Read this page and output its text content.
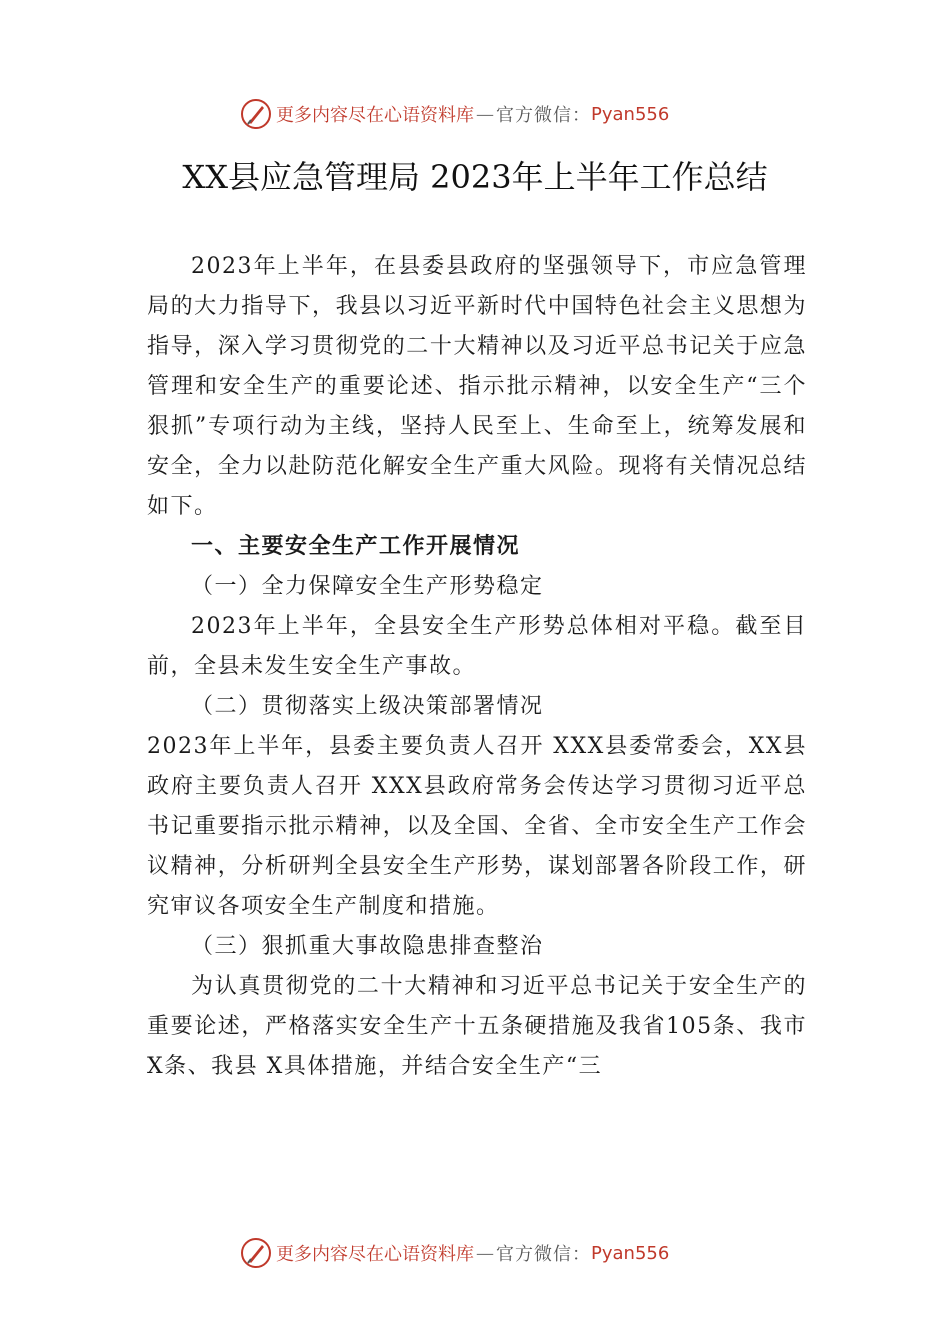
更多内容尽在心语资料库 — 官方微信： Pyan556
XX县应急管理局 2023年上半年工作总结

2023年上半年，在县委县政府的坚强领导下，市应急管理局的大力指导下，我县以习近平新时代中国特色社会主义思想为指导，深入学习贯彻党的二十大精神以及习近平总书记关于应急管理和安全生产的重要论述、指示批示精神，以安全生产“三个狠抓”专项行动为主线，坚持人民至上、生命至上，统筹发展和安全，全力以赴防范化解安全生产重大风险。现将有关情况总结如下。

一、主要安全生产工作开展情况

（一）全力保障安全生产形势稳定

2023年上半年，全县安全生产形势总体相对平稳。截至目前，全县未发生安全生产事故。

（二）贯彻落实上级决策部署情况

2023年上半年，县委主要负责人召开 XXX县委常委会，XX县政府主要负责人召开 XXX县政府常务会传达学习贯彻习近平总书记重要指示批示精神，以及全国、全省、全市安全生产工作会议精神，分析研判全县安全生产形势，谋划部署各阶段工作，研究审议各项安全生产制度和措施。

（三）狠抓重大事故隐患排查整治

为认真贯彻党的二十大精神和习近平总书记关于安全生产的重要论述，严格落实安全生产十五条硬措施及我省105条、我市 X条、我县 X具体措施，并结合安全生产“三

更多内容尽在心语资料库 — 官方微信： Pyan556
